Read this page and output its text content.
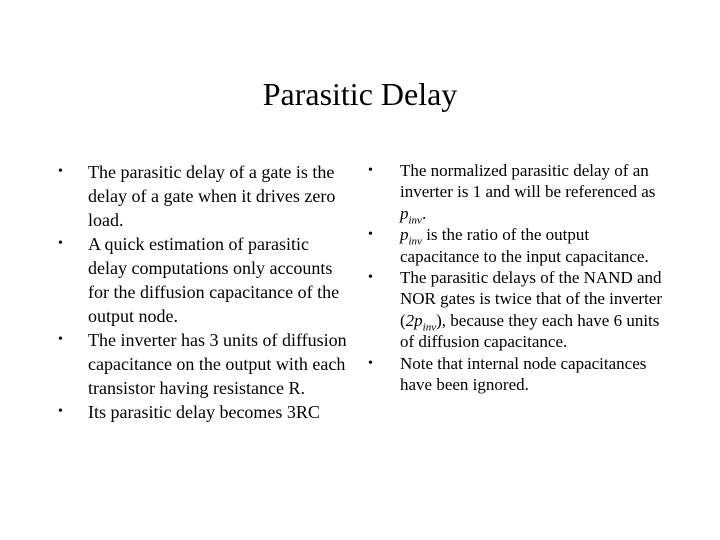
Parasitic Delay
• The parasitic delay of a gate is the delay of a gate when it drives zero load.
• A quick estimation of parasitic delay computations only accounts for the diffusion capacitance of the output node.
• The inverter has 3 units of diffusion capacitance on the output with each transistor having resistance R.
• Its parasitic delay becomes 3RC
• The normalized parasitic delay of an inverter is 1 and will be referenced as $p_{inv}$.
• $p_{inv}$ is the ratio of the output capacitance to the input capacitance.
• The parasitic delays of the NAND and NOR gates is twice that of the inverter $(2p_{inv})$, because they each have 6 units of diffusion capacitance.
• Note that internal node capacitances have been ignored.
